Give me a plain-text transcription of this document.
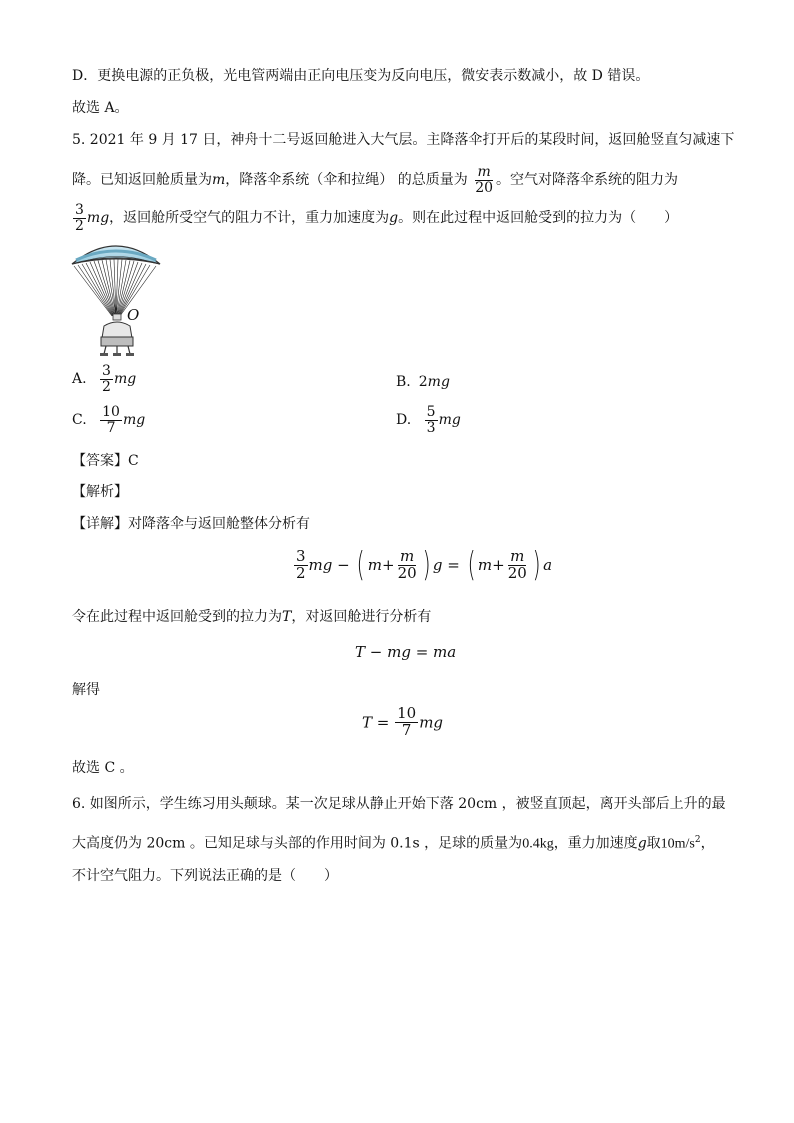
D．更换电源的正负极，光电管两端由正向电压变为反向电压，微安表示数减小，故 D 错误。
故选 A。
5. 2021 年 9 月 17 日，神舟十二号返回舱进入大气层。主降落伞打开后的某段时间，返回舱竖直匀减速下
降。已知返回舱质量为m，降落伞系统（伞和拉绳） 的总质量为 $\frac{m}{20}$ 。空气对降落伞系统的阻力为
$\frac{3}{2}$ mg，返回舱所受空气的阻力不计，重力加速度为g。则在此过程中返回舱受到的拉力为（　　）
O
A. $\frac{3}{2}$ mg	B. 2mg
C. $\frac{10}{7}$ mg	D. $\frac{5}{3}$ mg
【答案】C
【解析】
【详解】对降落伞与返回舱整体分析有
$\frac{3}{2}$ mg − ( $m+ \frac{m}{20}$ ) g = ( $m+ \frac{m}{20}$ ) a
令在此过程中返回舱受到的拉力为T，对返回舱进行分析有
T − mg = ma
解得
$T = \frac{10}{7}$ mg
故选 C 。
6. 如图所示，学生练习用头颠球。某一次足球从静止开始下落 20cm ，被竖直顶起，离开头部后上升的最
大高度仍为 20cm 。已知足球与头部的作用时间为 0.1s ，足球的质量为0.4kg，重力加速度g取$10m/s^2$，
不计空气阻力。下列说法正确的是（　　）
